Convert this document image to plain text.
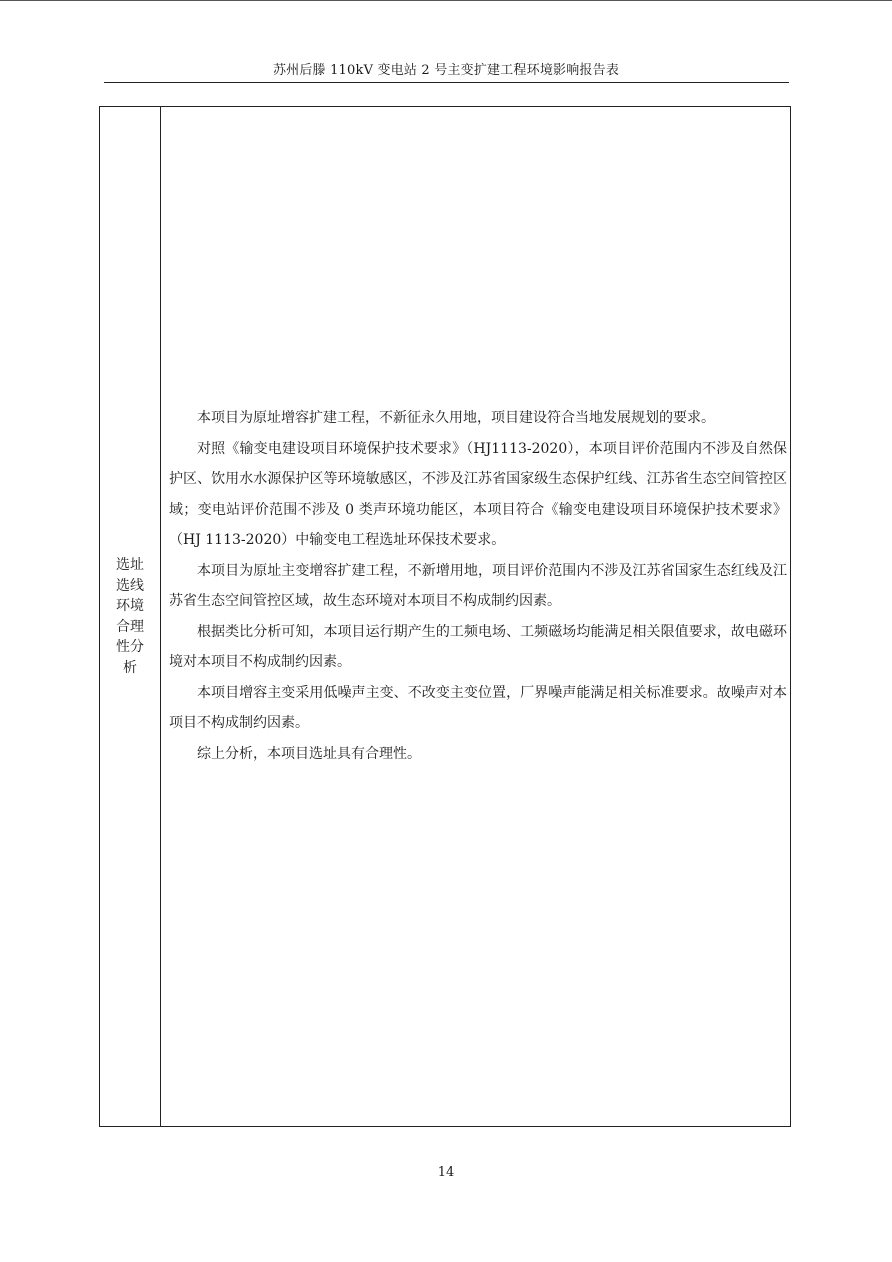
苏州后滕 110kV 变电站 2 号主变扩建工程环境影响报告表
选址
选线
环境
合理
性分
析

本项目为原址增容扩建工程，不新征永久用地，项目建设符合当地发展规划的要求。

对照《输变电建设项目环境保护技术要求》（HJ1113-2020），本项目评价范围内不涉及自然保护区、饮用水水源保护区等环境敏感区，不涉及江苏省国家级生态保护红线、江苏省生态空间管控区域；变电站评价范围不涉及 0 类声环境功能区，本项目符合《输变电建设项目环境保护技术要求》（HJ 1113-2020）中输变电工程选址环保技术要求。

本项目为原址主变增容扩建工程，不新增用地，项目评价范围内不涉及江苏省国家生态红线及江苏省生态空间管控区域，故生态环境对本项目不构成制约因素。

根据类比分析可知，本项目运行期产生的工频电场、工频磁场均能满足相关限值要求，故电磁环境对本项目不构成制约因素。

本项目增容主变采用低噪声主变、不改变主变位置，厂界噪声能满足相关标准要求。故噪声对本项目不构成制约因素。

综上分析，本项目选址具有合理性。

14
